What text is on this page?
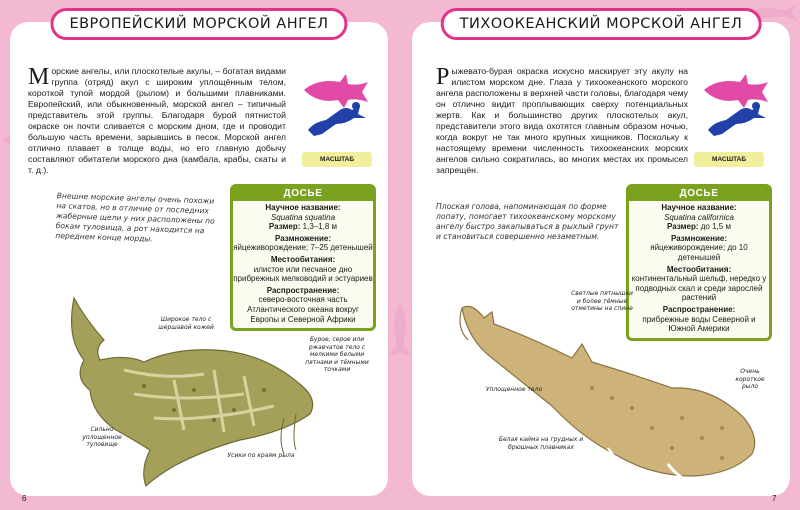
ЕВРОПЕЙСКИЙ МОРСКОЙ АНГЕЛ
Морские ангелы, или плоскотелые акулы, – богатая видами группа (отряд) акул с широким уплощённым телом, короткой тупой мордой (рылом) и большими плавниками. Европейский, или обыкновенный, морской ангел – типичный представитель этой группы. Благодаря бурой пятнистой окраске он почти сливается с морским дном, где и проводит большую часть времени, зарывшись в песок. Морской ангел отлично плавает в толще воды, но его главную добычу составляют обитатели морского дна (камбала, крабы, скаты и т. д.).
МАСШТАБ
ДОСЬЕ
Научное название:
Squatina squatina
Размер: 1,3–1,8 м
Размножение:
яйцеживорождение; 7–25 детенышей
Местообитания:
илистое или песчаное дно прибрежных мелководий и эстуариев
Распространение:
северо-восточная часть Атлантического океана вокруг Европы и Северной Африки
Внешне морские ангелы очень похожи на скатов, но в отличие от последних жаберные щели у них расположены по бокам туловища, а рот находится на переднем конце морды.
Широкое тело с шершавой кожей
Бурое, серое или ржавчатое тело с мелкими белыми пятнами и тёмными точками
Сильно уплощенное туловище
Усики по краям рыла
6
ТИХООКЕАНСКИЙ МОРСКОЙ АНГЕЛ
Рыжевато-бурая окраска искусно маскирует эту акулу на илистом морском дне. Глаза у тихоокеанского морского ангела расположены в верхней части головы, благодаря чему он отлично видит проплывающих сверху потенциальных жертв. Как и большинство других плоскотелых акул, представители этого вида охотятся главным образом ночью, когда вокруг не так много крупных хищников. Поскольку к настоящему времени численность тихоокеанских морских ангелов сильно сократилась, во многих местах их промысел запрещён.
МАСШТАБ
ДОСЬЕ
Научное название:
Squatina californica
Размер: до 1,5 м
Размножение:
яйцеживорождение; до 10 детенышей
Местообитания:
континентальный шельф, нередко у подводных скал и среди зарослей растений
Распространение:
прибрежные воды Северной и Южной Америки
Плоская голова, напоминающая по форме лопату, помогает тихоокеанскому морскому ангелу быстро закапываться в рыхлый грунт и становиться совершенно незаметным.
Светлые пятнышки и более тёмные отметины на спине
Уплощенное тело
Очень короткое рыло
Белая кайма на грудных и брюшных плавниках
7
